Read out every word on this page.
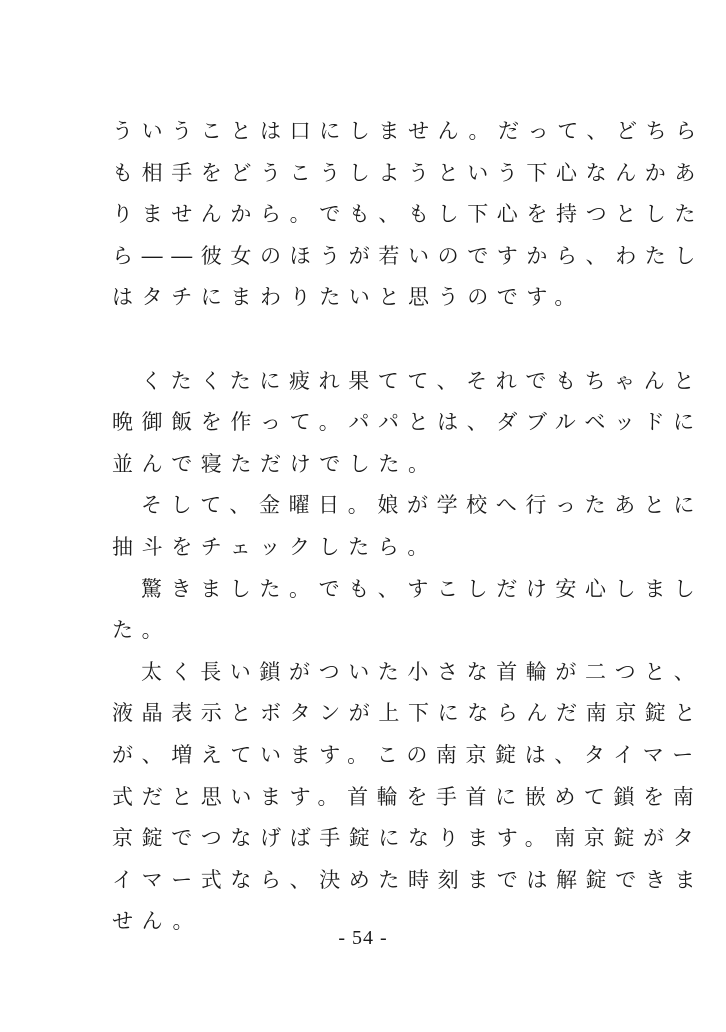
ういうことは口にしません。だって、どちら
も相手をどうこうしようという下心なんかあ
りませんから。でも、もし下心を持つとした
ら――彼女のほうが若いのですから、わたし
はタチにまわりたいと思うのです。
くたくたに疲れ果てて、それでもちゃんと
晩御飯を作って。パパとは、ダブルベッドに
並んで寝ただけでした。
そして、金曜日。娘が学校へ行ったあとに
抽斗をチェックしたら。
驚きました。でも、すこしだけ安心しまし
た。
太く長い鎖がついた小さな首輪が二つと、
液晶表示とボタンが上下にならんだ南京錠と
が、増えています。この南京錠は、タイマー
式だと思います。首輪を手首に嵌めて鎖を南
京錠でつなげば手錠になります。南京錠がタ
イマー式なら、決めた時刻までは解錠できま
せん。
- 54 -
